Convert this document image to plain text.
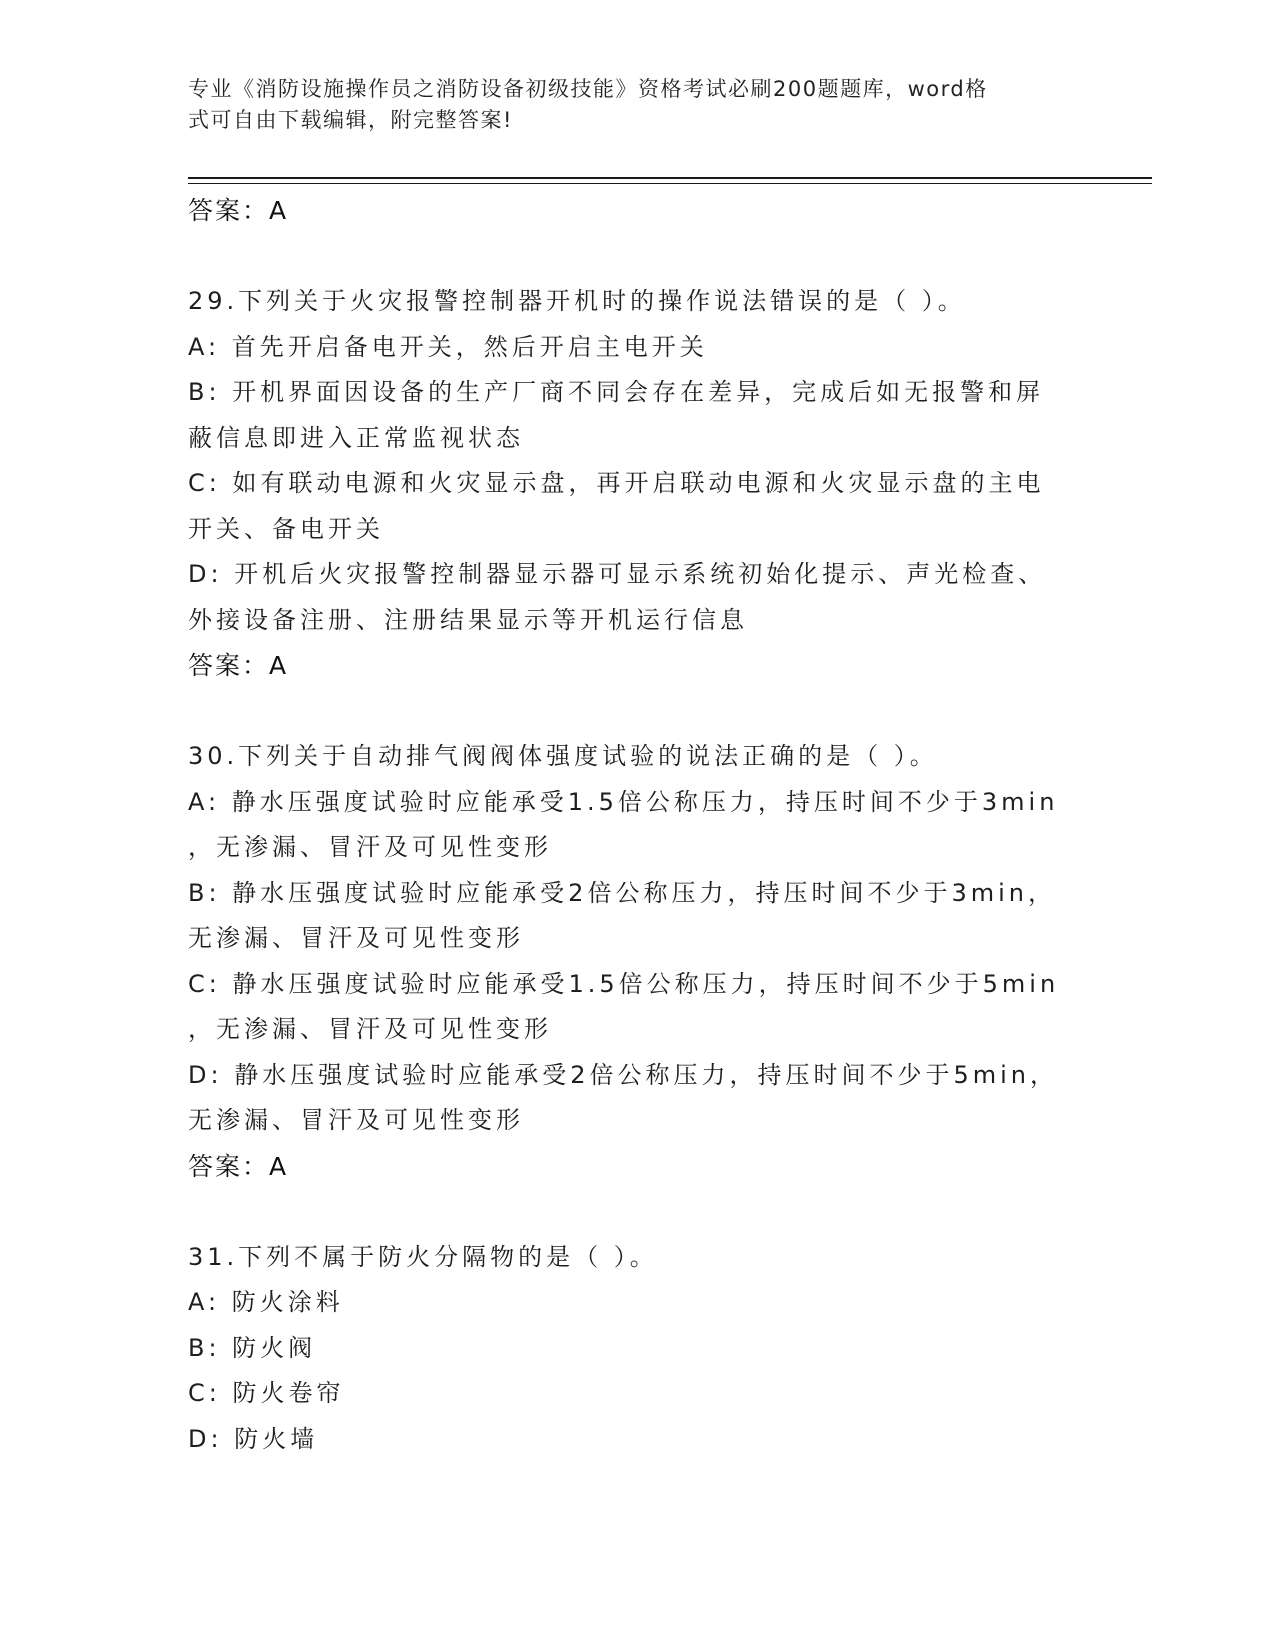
专业《消防设施操作员之消防设备初级技能》资格考试必刷200题题库，word格
式可自由下载编辑，附完整答案!
答案：A
29.下列关于火灾报警控制器开机时的操作说法错误的是（ ）。
A: 首先开启备电开关，然后开启主电开关
B: 开机界面因设备的生产厂商不同会存在差异，完成后如无报警和屏
蔽信息即进入正常监视状态
C: 如有联动电源和火灾显示盘，再开启联动电源和火灾显示盘的主电
开关、备电开关
D: 开机后火灾报警控制器显示器可显示系统初始化提示、声光检查、
外接设备注册、注册结果显示等开机运行信息
答案：A
30.下列关于自动排气阀阀体强度试验的说法正确的是（ ）。
A: 静水压强度试验时应能承受1.5倍公称压力，持压时间不少于3min
，无渗漏、冒汗及可见性变形
B: 静水压强度试验时应能承受2倍公称压力，持压时间不少于3min，
无渗漏、冒汗及可见性变形
C: 静水压强度试验时应能承受1.5倍公称压力，持压时间不少于5min
，无渗漏、冒汗及可见性变形
D: 静水压强度试验时应能承受2倍公称压力，持压时间不少于5min，
无渗漏、冒汗及可见性变形
答案：A
31.下列不属于防火分隔物的是（ ）。
A: 防火涂料
B: 防火阀
C: 防火卷帘
D: 防火墙
